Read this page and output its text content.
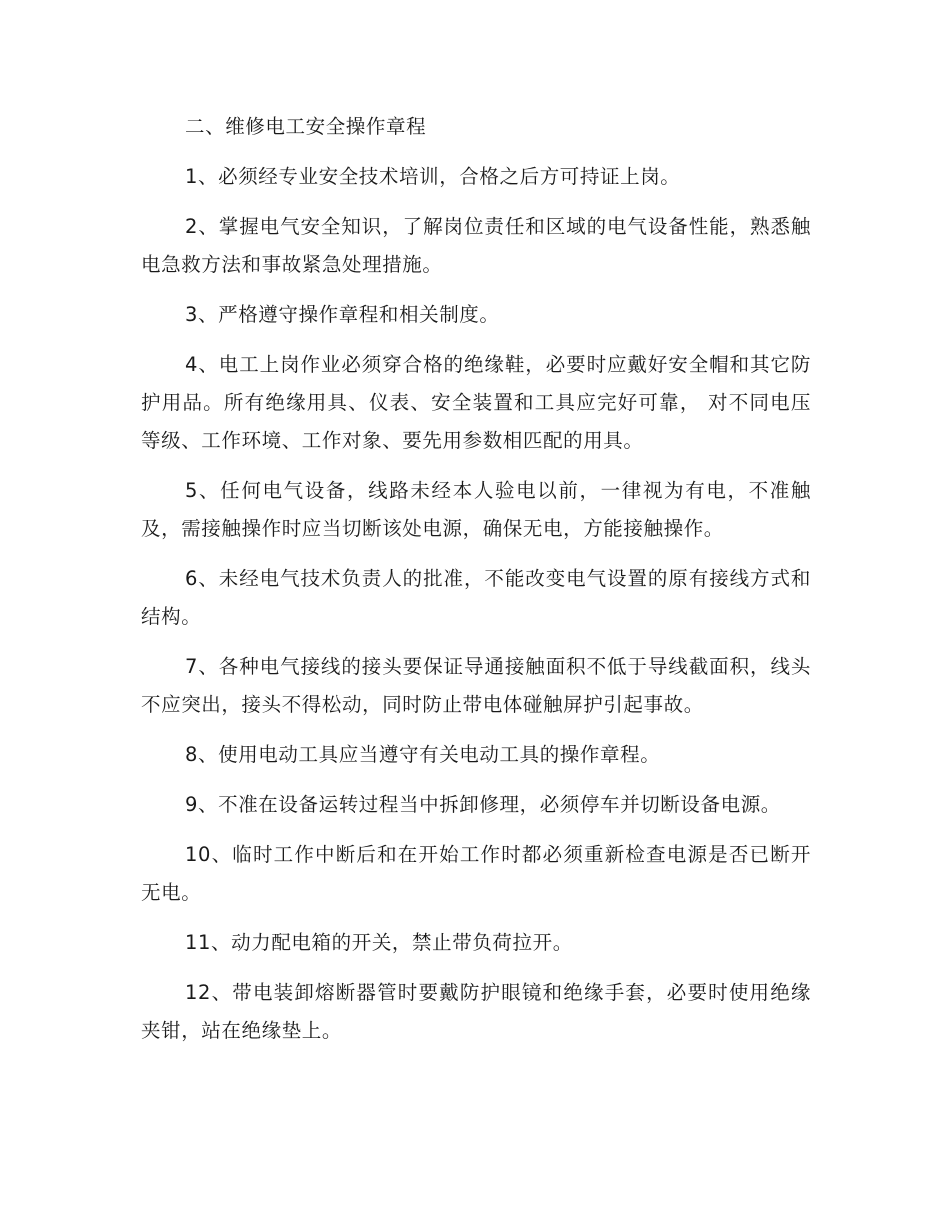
二、维修电工安全操作章程

1、必须经专业安全技术培训，合格之后方可持证上岗。

2、掌握电气安全知识，了解岗位责任和区域的电气设备性能，熟悉触电急救方法和事故紧急处理措施。

3、严格遵守操作章程和相关制度。

4、电工上岗作业必须穿合格的绝缘鞋，必要时应戴好安全帽和其它防护用品。所有绝缘用具、仪表、安全装置和工具应完好可靠， 对不同电压等级、工作环境、工作对象、要先用参数相匹配的用具。

5、任何电气设备，线路未经本人验电以前，一律视为有电，不准触及，需接触操作时应当切断该处电源，确保无电，方能接触操作。

6、未经电气技术负责人的批准，不能改变电气设置的原有接线方式和结构。

7、各种电气接线的接头要保证导通接触面积不低于导线截面积，线头不应突出，接头不得松动，同时防止带电体碰触屏护引起事故。

8、使用电动工具应当遵守有关电动工具的操作章程。

9、不准在设备运转过程当中拆卸修理，必须停车并切断设备电源。

10、临时工作中断后和在开始工作时都必须重新检查电源是否已断开无电。

11、动力配电箱的开关，禁止带负荷拉开。

12、带电装卸熔断器管时要戴防护眼镜和绝缘手套，必要时使用绝缘夹钳，站在绝缘垫上。
